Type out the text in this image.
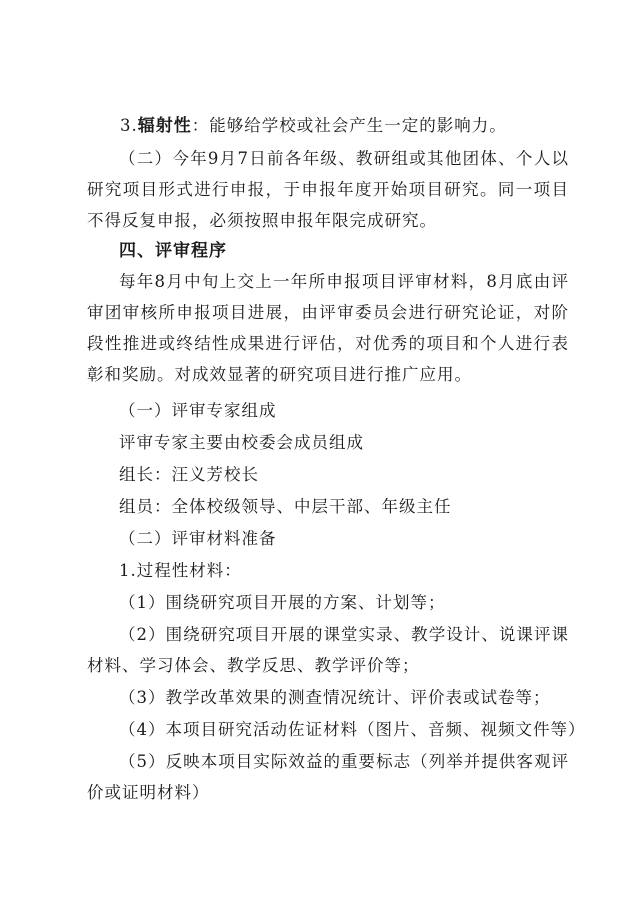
3.辐射性：能够给学校或社会产生一定的影响力。
（二）今年9月7日前各年级、教研组或其他团体、个人以研究项目形式进行申报，于申报年度开始项目研究。同一项目不得反复申报，必须按照申报年限完成研究。
四、评审程序
每年8月中旬上交上一年所申报项目评审材料，8月底由评审团审核所申报项目进展，由评审委员会进行研究论证，对阶段性推进或终结性成果进行评估，对优秀的项目和个人进行表彰和奖励。对成效显著的研究项目进行推广应用。
（一）评审专家组成
评审专家主要由校委会成员组成
组长：汪义芳校长
组员：全体校级领导、中层干部、年级主任
（二）评审材料准备
1.过程性材料：
（1）围绕研究项目开展的方案、计划等；
（2）围绕研究项目开展的课堂实录、教学设计、说课评课材料、学习体会、教学反思、教学评价等；
（3）教学改革效果的测查情况统计、评价表或试卷等；
（4）本项目研究活动佐证材料（图片、音频、视频文件等）
（5）反映本项目实际效益的重要标志（列举并提供客观评价或证明材料）
